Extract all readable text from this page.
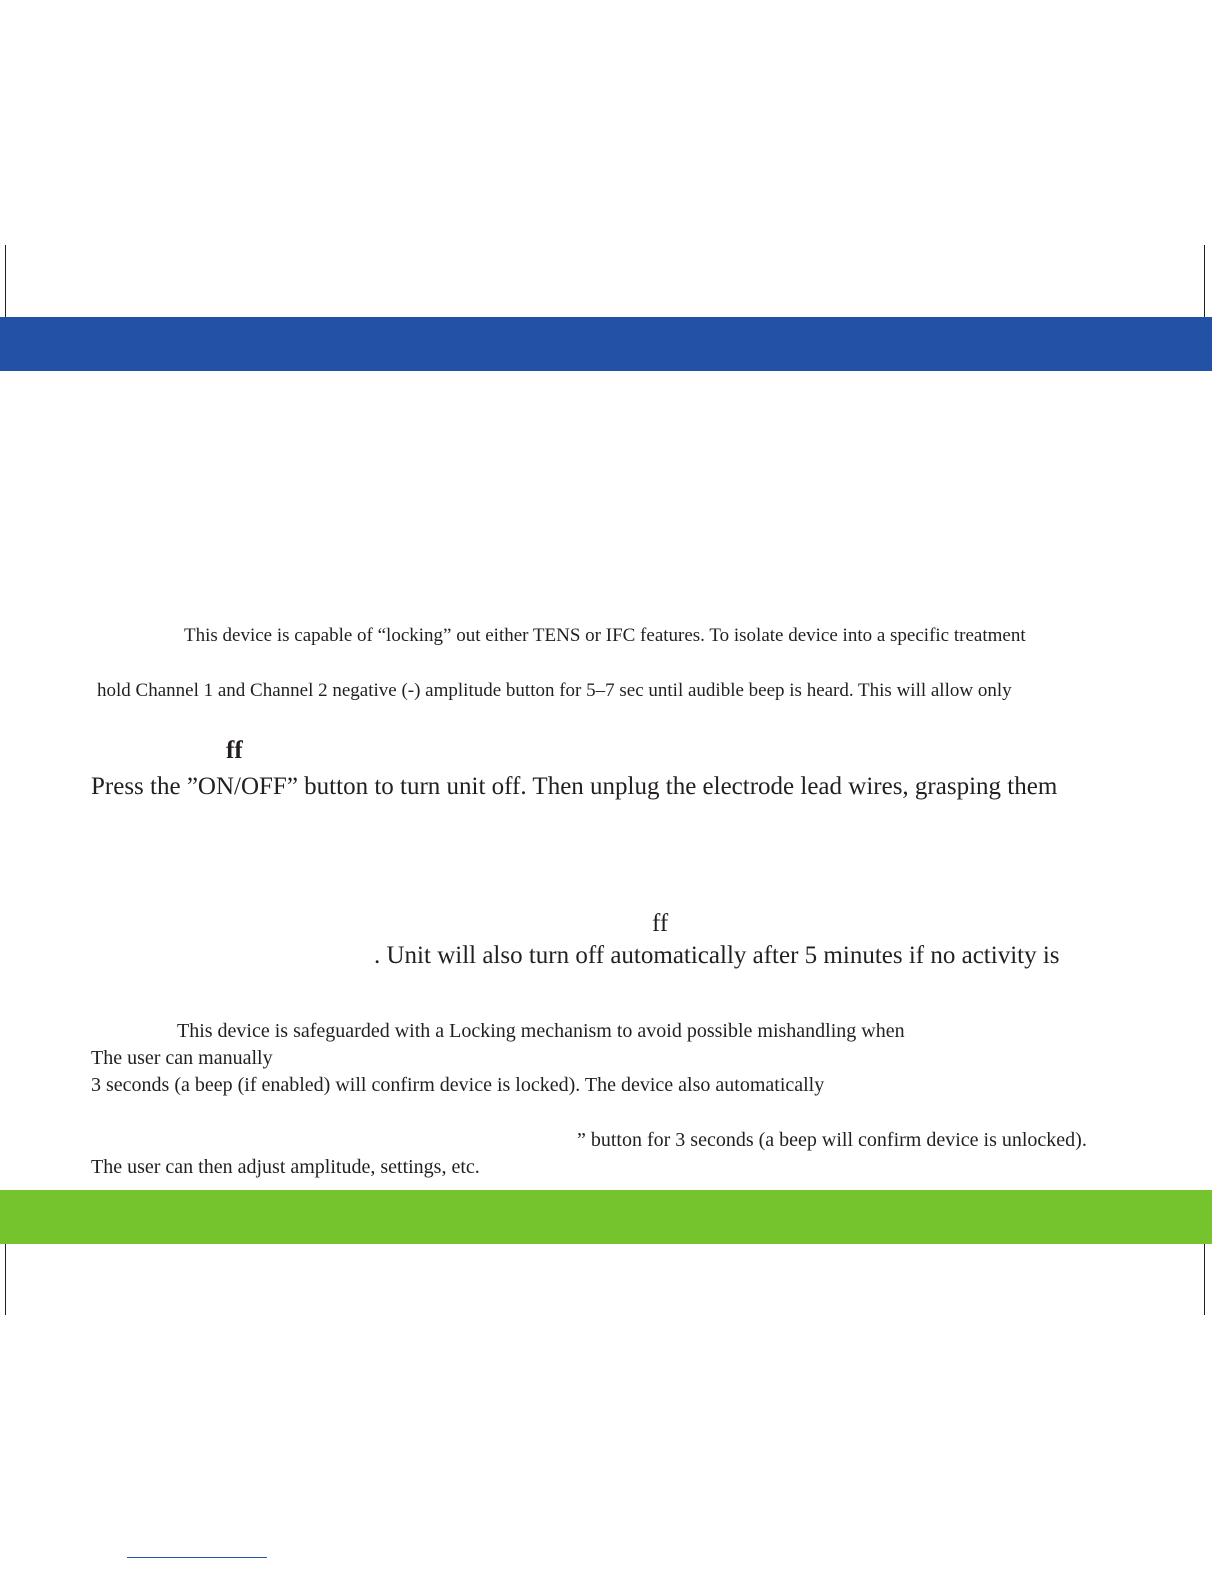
This device is capable of “locking” out either TENS or IFC features. To isolate device into a specific treatment
hold Channel 1 and Channel 2 negative (-) amplitude button for 5–7 sec until audible beep is heard. This will allow only
ff
Press the ”ON/OFF” button to turn unit off. Then unplug the electrode lead wires, grasping them
ff
. Unit will also turn off automatically after 5 minutes if no activity is
This device is safeguarded with a Locking mechanism to avoid possible mishandling when
The user can manually
3 seconds (a beep (if enabled) will confirm device is locked). The device also automatically
” button for 3 seconds (a beep will confirm device is unlocked).
The user can then adjust amplitude, settings, etc.
